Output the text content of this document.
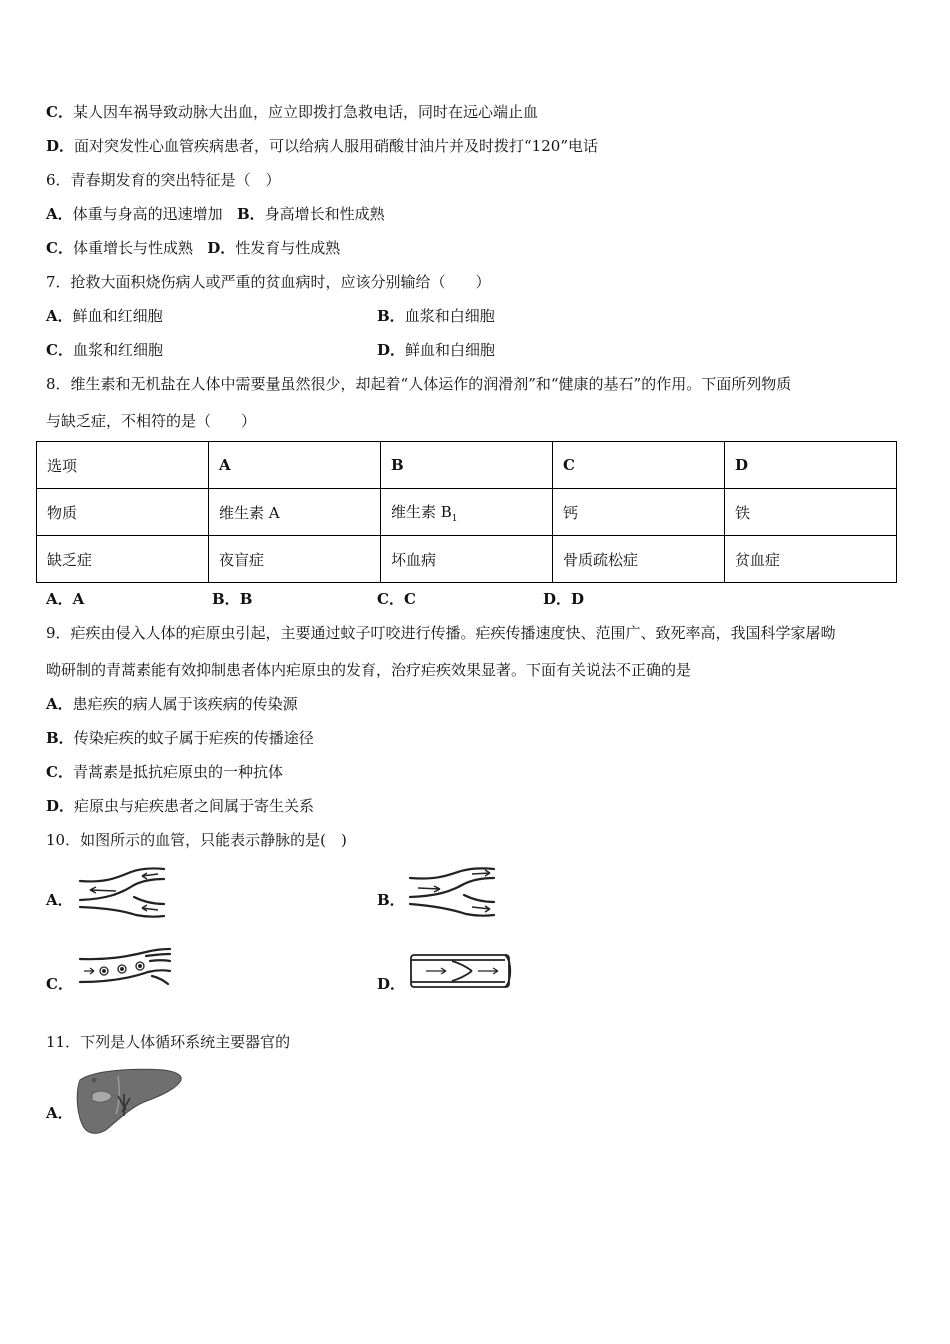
C．某人因车祸导致动脉大出血，应立即拨打急救电话，同时在远心端止血
D．面对突发性心血管疾病患者，可以给病人服用硝酸甘油片并及时拨打“120”电话
6．青春期发育的突出特征是（　）
A．体重与身高的迅速增加 B．身高增长和性成熟
C．体重增长与性成熟 D．性发育与性成熟
7．抢救大面积烧伤病人或严重的贫血病时，应该分别输给（　　）
A．鲜血和红细胞	B．血浆和白细胞
C．血浆和红细胞	D．鲜血和白细胞
8．维生素和无机盐在人体中需要量虽然很少，却起着“人体运作的润滑剂”和“健康的基石”的作用。下面所列物质
与缺乏症，不相符的是（　　）
选项	A	B	C	D
物质	维生素 A	维生素 $B_1$	钙	铁
缺乏症	夜盲症	坏血病	骨质疏松症	贫血症
A．A	B．B	C．C	D．D
9．疟疾由侵入人体的疟原虫引起，主要通过蚊子叮咬进行传播。疟疾传播速度快、范围广、致死率高，我国科学家屠呦
呦研制的青蒿素能有效抑制患者体内疟原虫的发育，治疗疟疾效果显著。下面有关说法不正确的是
A．患疟疾的病人属于该疾病的传染源
B．传染疟疾的蚊子属于疟疾的传播途径
C．青蒿素是抵抗疟原虫的一种抗体
D．疟原虫与疟疾患者之间属于寄生关系
10．如图所示的血管，只能表示静脉的是(　)
A．	B．
C．	D．
11．下列是人体循环系统主要器官的
A．
